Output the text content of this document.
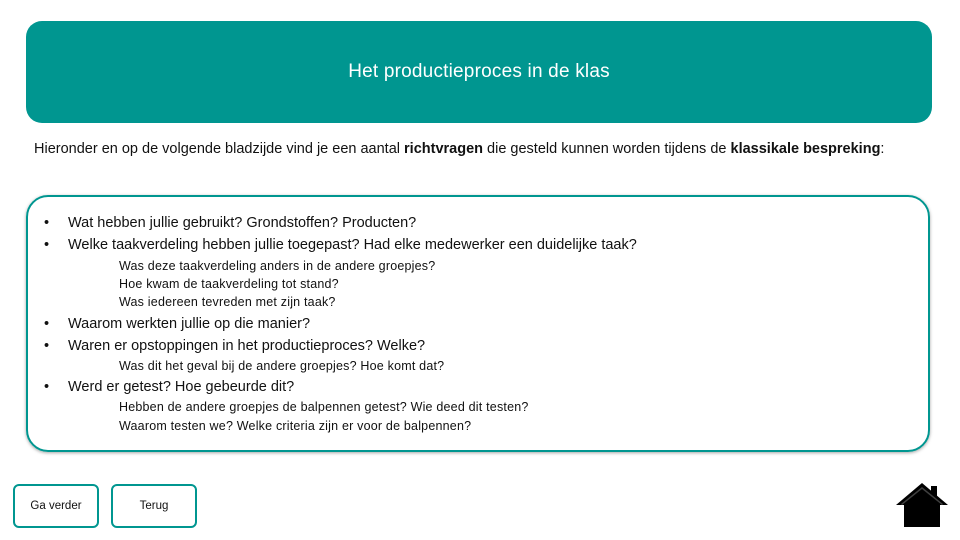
Het productieproces in de klas
Hieronder en op de volgende bladzijde vind je een aantal richtvragen die gesteld kunnen worden tijdens de klassikale bespreking:
• Wat hebben jullie gebruikt? Grondstoffen? Producten?
• Welke taakverdeling hebben jullie toegepast? Had elke medewerker een duidelijke taak?
Was deze taakverdeling anders in de andere groepjes?
Hoe kwam de taakverdeling tot stand?
Was iedereen tevreden met zijn taak?
• Waarom werkten jullie op die manier?
• Waren er opstoppingen in het productieproces? Welke?
Was dit het geval bij de andere groepjes? Hoe komt dat?
• Werd er getest? Hoe gebeurde dit?
Hebben de andere groepjes de balpennen getest? Wie deed dit testen?
Waarom testen we? Welke criteria zijn er voor de balpennen?
Ga verder	Terug
